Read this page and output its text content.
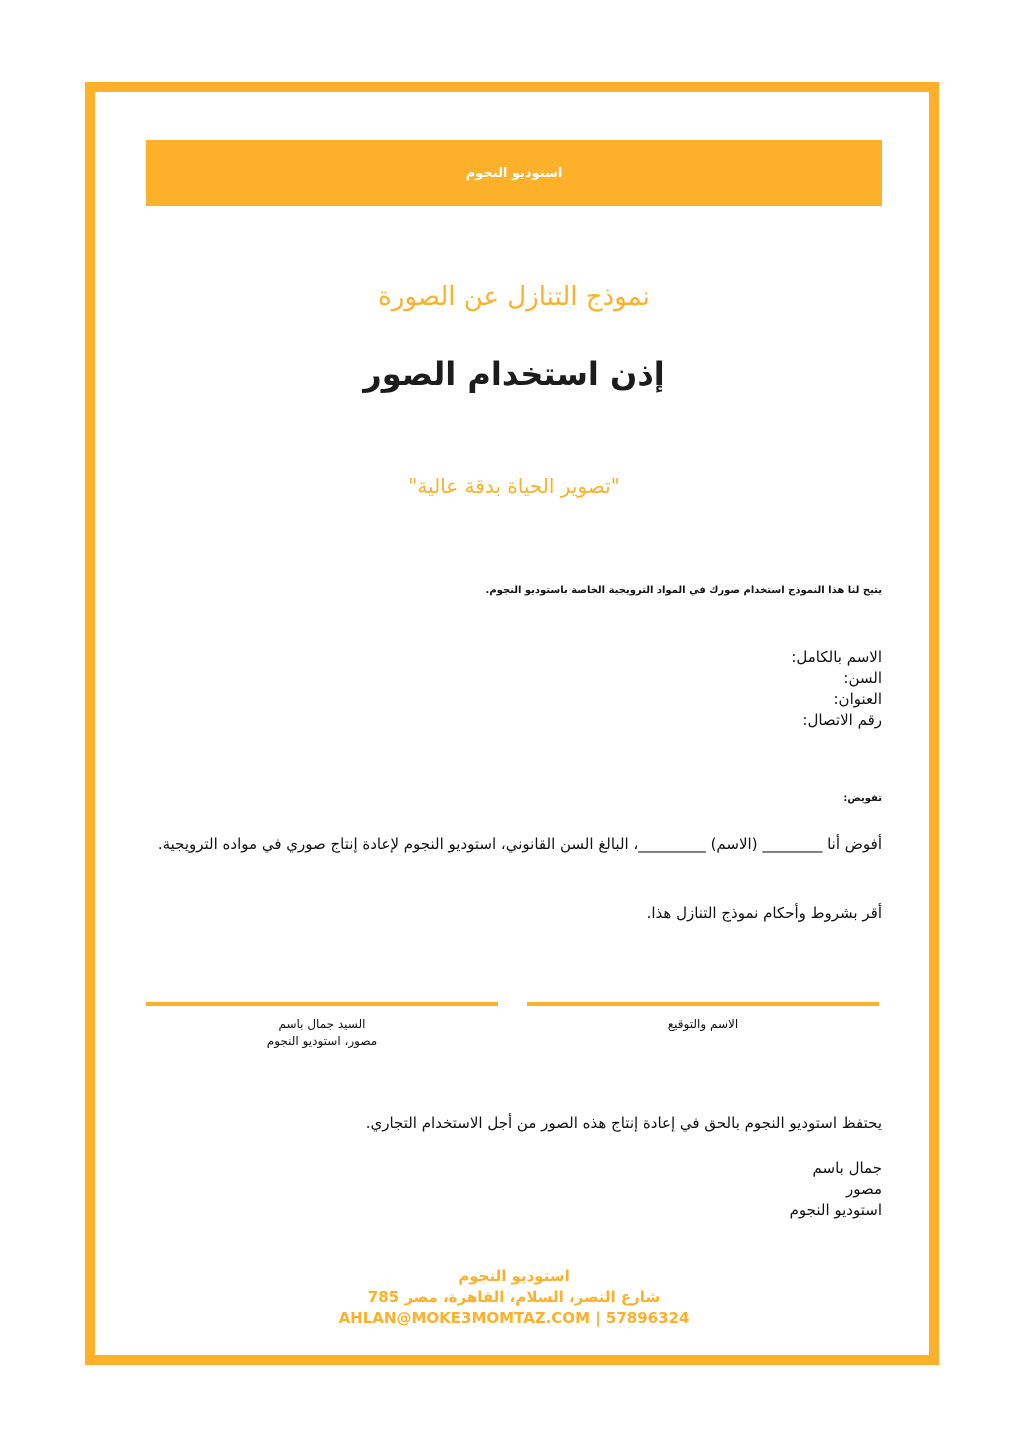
استوديو النجوم
نموذج التنازل عن الصورة
إذن استخدام الصور
"تصوير الحياة بدقة عالية"
يتيح لنا هذا النموذج استخدام صورك في المواد الترويجية الخاصة باستوديو النجوم.
الاسم بالكامل:
السن:
العنوان:
رقم الاتصال:
تفويض:
أفوض أنا ________ (الاسم) _________، البالغ السن القانوني، استوديو النجوم لإعادة إنتاج صوري في مواده الترويجية.
أقر بشروط وأحكام نموذج التنازل هذا.
السيد جمال باسم
مصور، استوديو النجوم
الاسم والتوقيع
يحتفظ استوديو النجوم بالحق في إعادة إنتاج هذه الصور من أجل الاستخدام التجاري.
جمال باسم
مصور
استوديو النجوم
استوديو النجوم
785 شارع النصر، السلام، القاهرة، مصر
AHLAN@MOKE3MOMTAZ.COM | 57896324
